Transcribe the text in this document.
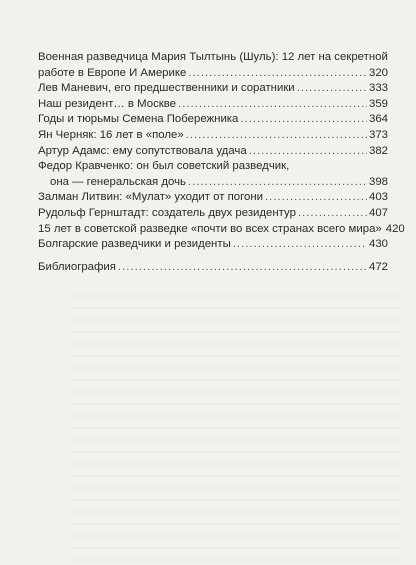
Военная разведчица Мария Тылтынь (Шуль): 12 лет на секретной
работе в Европе И Америке .....	320
Лев Маневич, его предшественники и соратники .....	333
Наш резидент… в Москве .....	359
Годы и тюрьмы Семена Побережника .....	364
Ян Черняк: 16 лет в «поле» .....	373
Артур Адамс: ему сопутствовала удача .....	382
Федор Кравченко: он был советский разведчик,
она — генеральская дочь .....	398
Залман Литвин: «Мулат» уходит от погони .....	403
Рудольф Гернштадт: создатель двух резидентур .....	407
15 лет в советской разведке «почти во всех странах всего мира» 420
Болгарские разведчики и резиденты .....	430
Библиография .....	472
